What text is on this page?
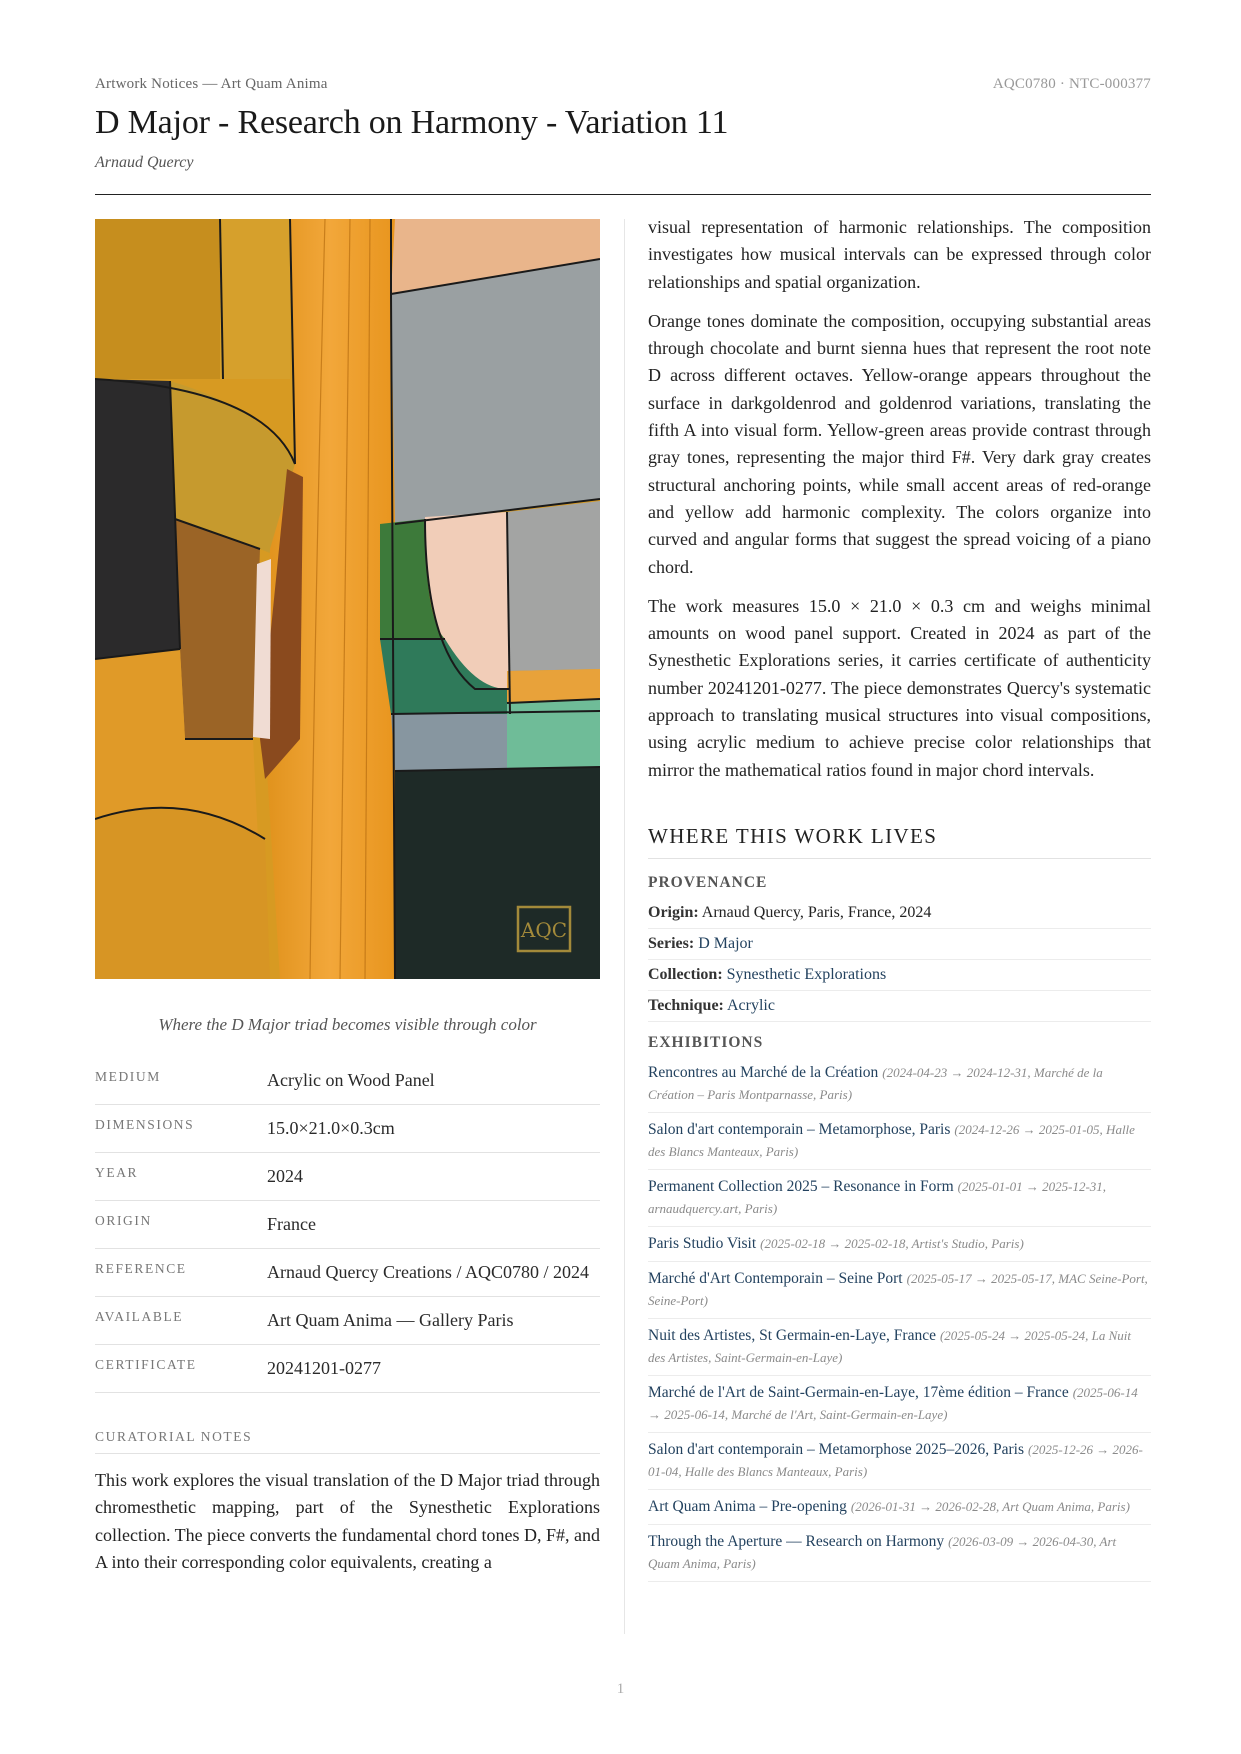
Artwork Notices — Art Quam Anima	AQC0780 · NTC-000377
D Major - Research on Harmony - Variation 11
Arnaud Quercy
AQC
Where the D Major triad becomes visible through color
MEDIUM	Acrylic on Wood Panel
DIMENSIONS	15.0×21.0×0.3cm
YEAR	2024
ORIGIN	France
REFERENCE	Arnaud Quercy Creations / AQC0780 / 2024
AVAILABLE	Art Quam Anima — Gallery Paris
CERTIFICATE	20241201-0277
CURATORIAL NOTES

This work explores the visual translation of the D Major triad through chromesthetic mapping, part of the Synesthetic Explorations collection. The piece converts the fundamental chord tones D, F#, and A into their corresponding color equivalents, creating a

visual representation of harmonic relationships. The composition investigates how musical intervals can be expressed through color relationships and spatial organization.

Orange tones dominate the composition, occupying substantial areas through chocolate and burnt sienna hues that represent the root note D across different octaves. Yellow-orange appears throughout the surface in darkgoldenrod and goldenrod variations, translating the fifth A into visual form. Yellow-green areas provide contrast through gray tones, representing the major third F#. Very dark gray creates structural anchoring points, while small accent areas of red-orange and yellow add harmonic complexity. The colors organize into curved and angular forms that suggest the spread voicing of a piano chord.

The work measures 15.0 × 21.0 × 0.3 cm and weighs minimal amounts on wood panel support. Created in 2024 as part of the Synesthetic Explorations series, it carries certificate of authenticity number 20241201-0277. The piece demonstrates Quercy's systematic approach to translating musical structures into visual compositions, using acrylic medium to achieve precise color relationships that mirror the mathematical ratios found in major chord intervals.

WHERE THIS WORK LIVES
PROVENANCE
Origin: Arnaud Quercy, Paris, France, 2024
Series: D Major
Collection: Synesthetic Explorations
Technique: Acrylic
EXHIBITIONS
Rencontres au Marché de la Création (2024-04-23 → 2024-12-31, Marché de la Création – Paris Montparnasse, Paris)
Salon d'art contemporain – Metamorphose, Paris (2024-12-26 → 2025-01-05, Halle des Blancs Manteaux, Paris)
Permanent Collection 2025 – Resonance in Form (2025-01-01 → 2025-12-31, arnaudquercy.art, Paris)
Paris Studio Visit (2025-02-18 → 2025-02-18, Artist's Studio, Paris)
Marché d'Art Contemporain – Seine Port (2025-05-17 → 2025-05-17, MAC Seine-Port, Seine-Port)
Nuit des Artistes, St Germain-en-Laye, France (2025-05-24 → 2025-05-24, La Nuit des Artistes, Saint-Germain-en-Laye)
Marché de l'Art de Saint-Germain-en-Laye, 17ème édition – France (2025-06-14 → 2025-06-14, Marché de l'Art, Saint-Germain-en-Laye)
Salon d'art contemporain – Metamorphose 2025–2026, Paris (2025-12-26 → 2026-01-04, Halle des Blancs Manteaux, Paris)
Art Quam Anima – Pre-opening (2026-01-31 → 2026-02-28, Art Quam Anima, Paris)
Through the Aperture — Research on Harmony (2026-03-09 → 2026-04-30, Art Quam Anima, Paris)
1
